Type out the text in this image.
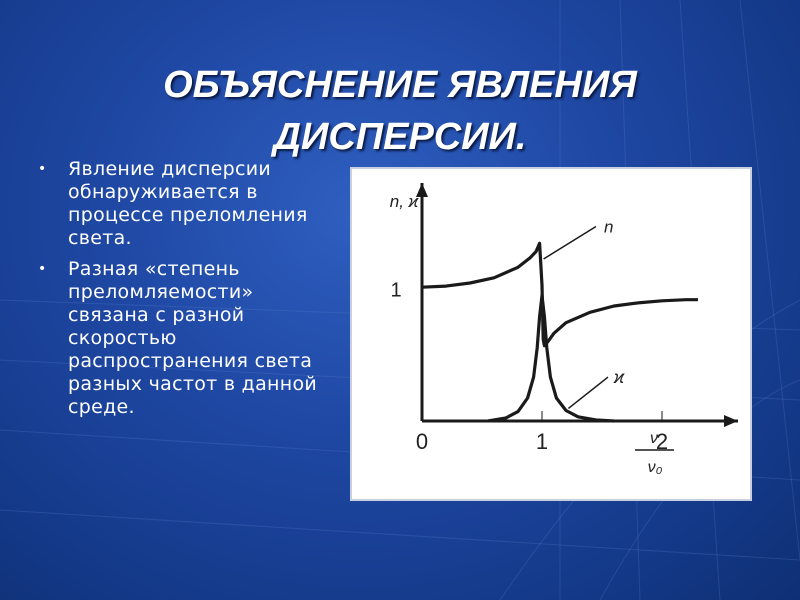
ОБЪЯСНЕНИЕ ЯВЛЕНИЯ
ДИСПЕРСИИ.
• Явление дисперсии обнаруживается в процессе преломления света.
• Разная «степень преломляемости» связана с разной скоростью распространения света разных частот в данной среде.
0	1	2
1
n, ϰ
ν
ν₀
n
ϰ
